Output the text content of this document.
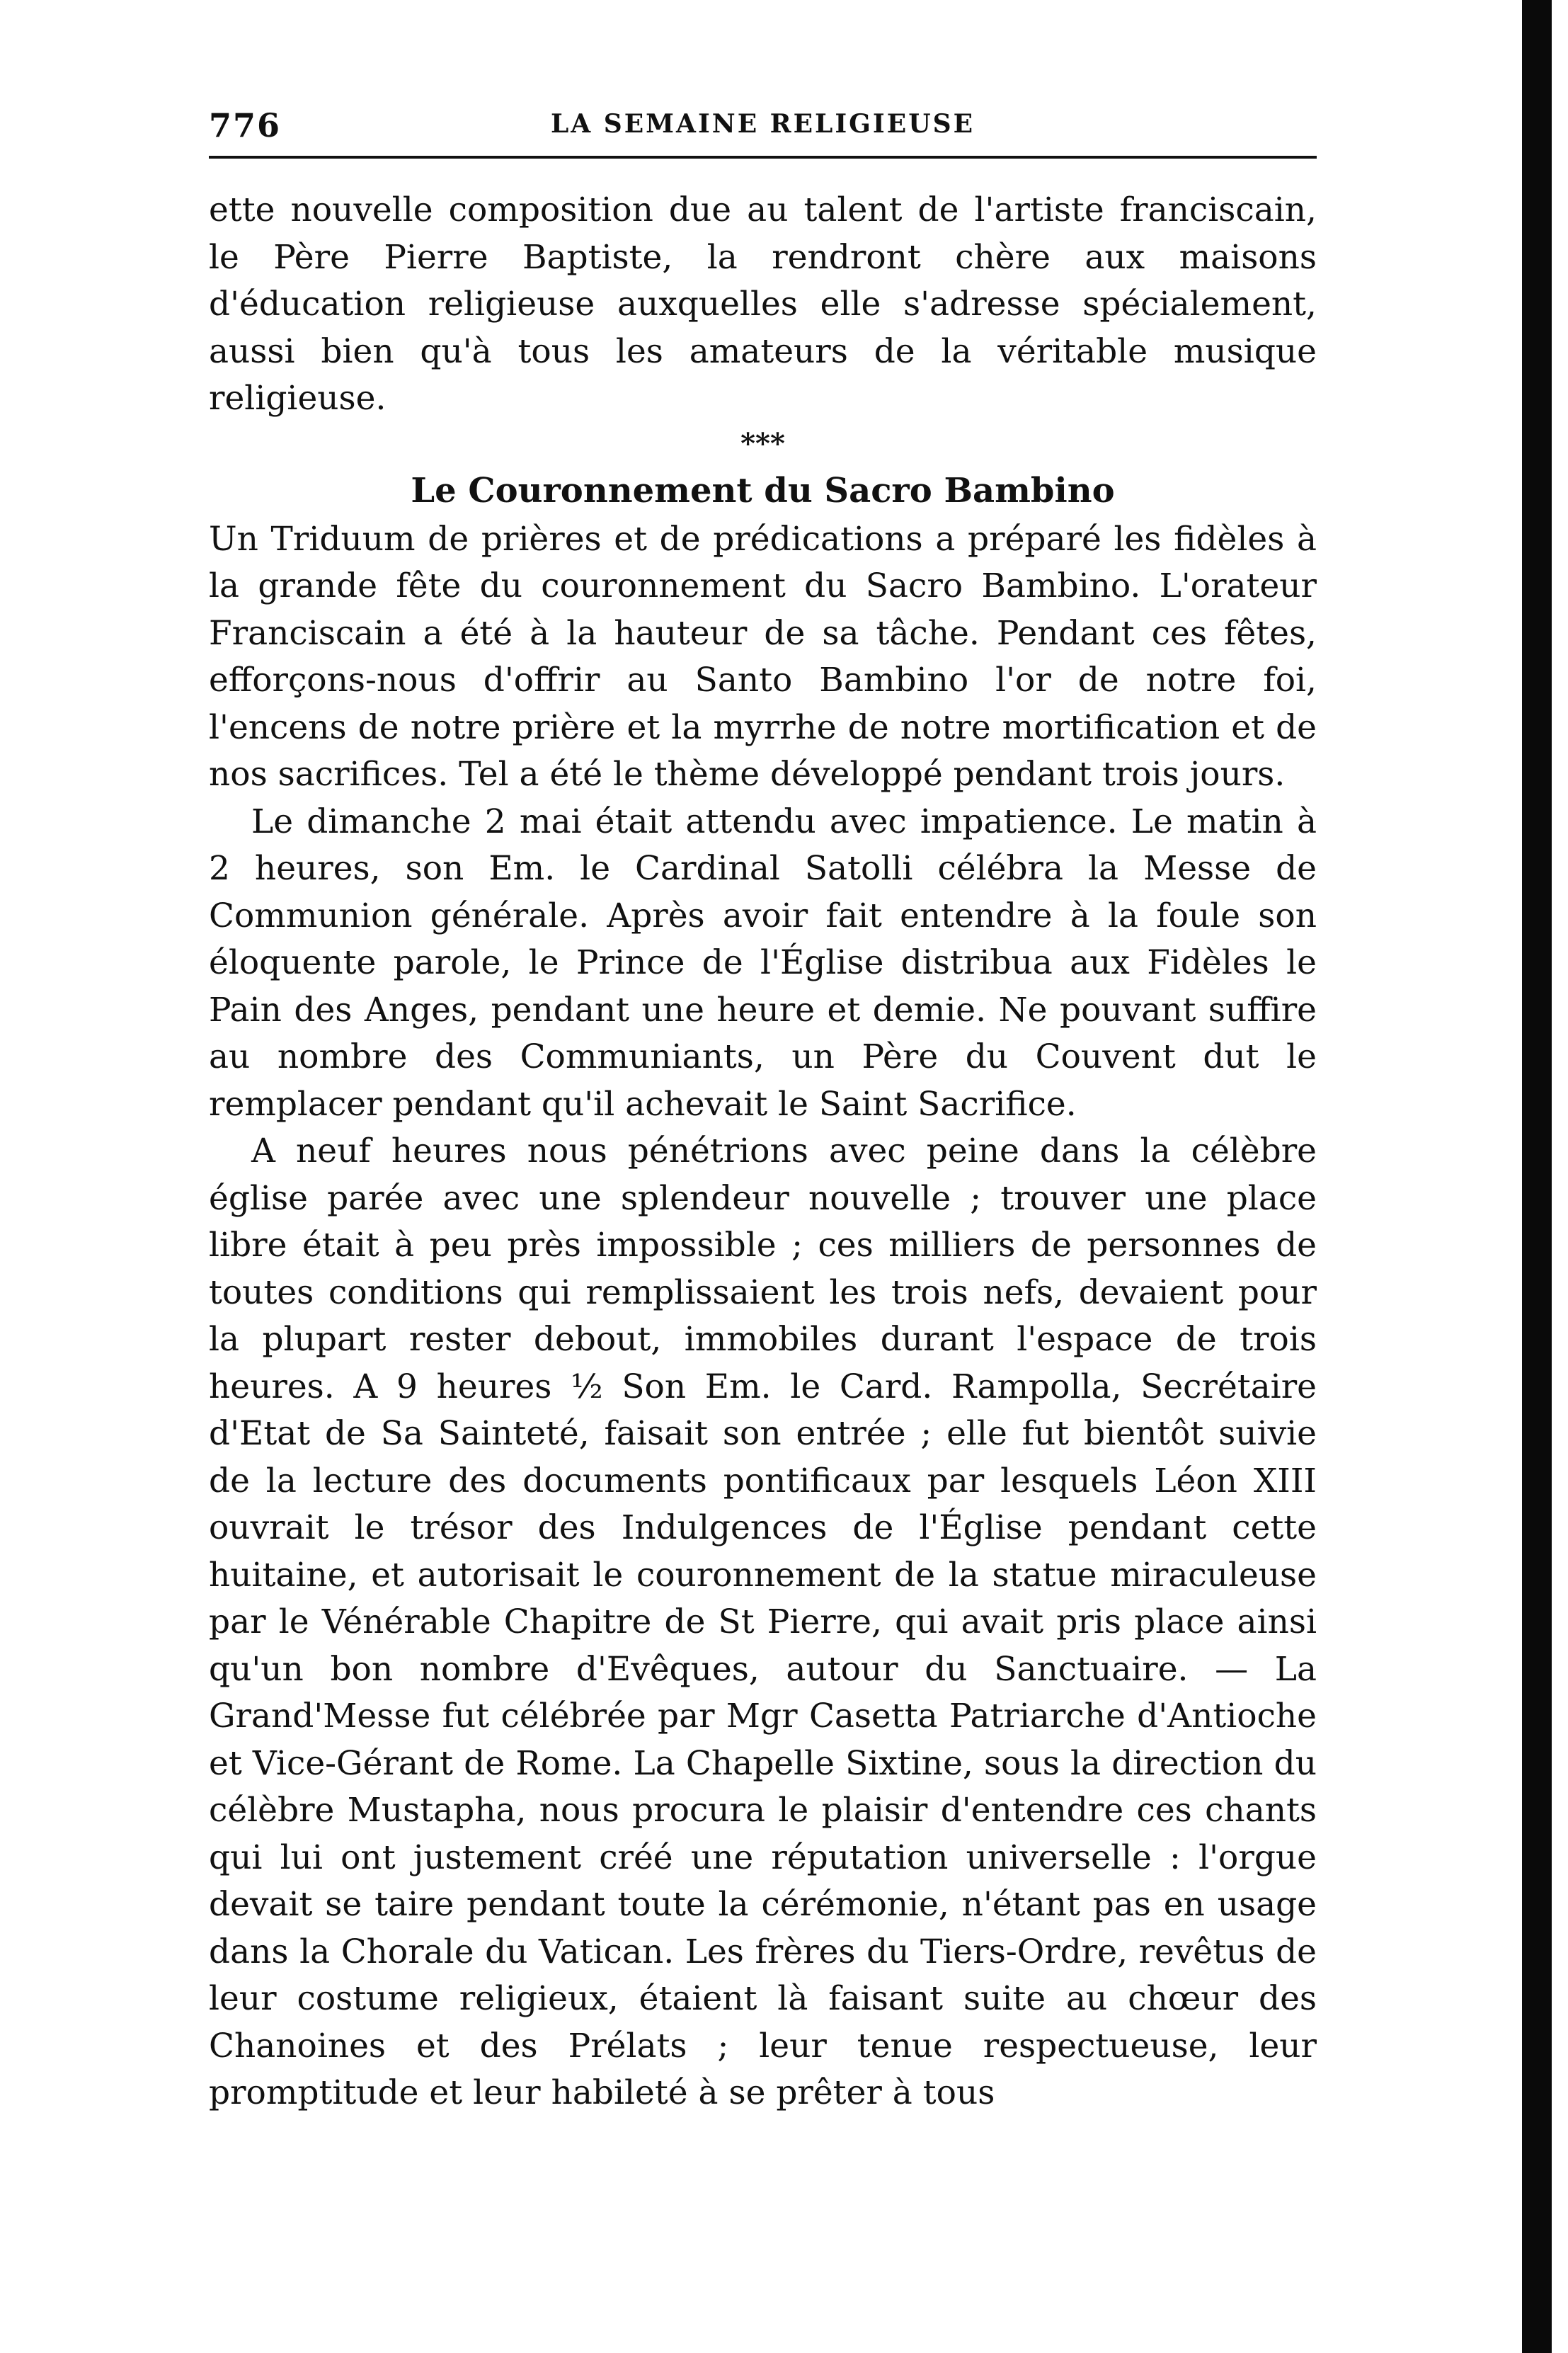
776	LA SEMAINE RELIGIEUSE

ette nouvelle composition due au talent de l'artiste franciscain, le Père Pierre Baptiste, la rendront chère aux maisons d'éducation religieuse auxquelles elle s'adresse spécialement, aussi bien qu'à tous les amateurs de la véritable musique religieuse.

***
Le Couronnement du Sacro Bambino

Un Triduum de prières et de prédications a préparé les fidèles à la grande fête du couronnement du Sacro Bambino. L'orateur Franciscain a été à la hauteur de sa tâche. Pendant ces fêtes, efforçons-nous d'offrir au Santo Bambino l'or de notre foi, l'encens de notre prière et la myrrhe de notre mortification et de nos sacrifices. Tel a été le thème développé pendant trois jours.

Le dimanche 2 mai était attendu avec impatience. Le matin à 2 heures, son Em. le Cardinal Satolli célébra la Messe de Communion générale. Après avoir fait entendre à la foule son éloquente parole, le Prince de l'Église distribua aux Fidèles le Pain des Anges, pendant une heure et demie. Ne pouvant suffire au nombre des Communiants, un Père du Couvent dut le remplacer pendant qu'il achevait le Saint Sacrifice.

A neuf heures nous pénétrions avec peine dans la célèbre église parée avec une splendeur nouvelle ; trouver une place libre était à peu près impossible ; ces milliers de personnes de toutes conditions qui remplissaient les trois nefs, devaient pour la plupart rester debout, immobiles durant l'espace de trois heures. A 9 heures ½ Son Em. le Card. Rampolla, Secrétaire d'Etat de Sa Sainteté, faisait son entrée ; elle fut bientôt suivie de la lecture des documents pontificaux par lesquels Léon XIII ouvrait le trésor des Indulgences de l'Église pendant cette huitaine, et autorisait le couronnement de la statue miraculeuse par le Vénérable Chapitre de St Pierre, qui avait pris place ainsi qu'un bon nombre d'Evêques, autour du Sanctuaire. — La Grand'Messe fut célébrée par Mgr Casetta Patriarche d'Antioche et Vice-Gérant de Rome. La Chapelle Sixtine, sous la direction du célèbre Mustapha, nous procura le plaisir d'entendre ces chants qui lui ont justement créé une réputation universelle : l'orgue devait se taire pendant toute la cérémonie, n'étant pas en usage dans la Chorale du Vatican. Les frères du Tiers-Ordre, revêtus de leur costume religieux, étaient là faisant suite au chœur des Chanoines et des Prélats ; leur tenue respectueuse, leur promptitude et leur habileté à se prêter à tous
